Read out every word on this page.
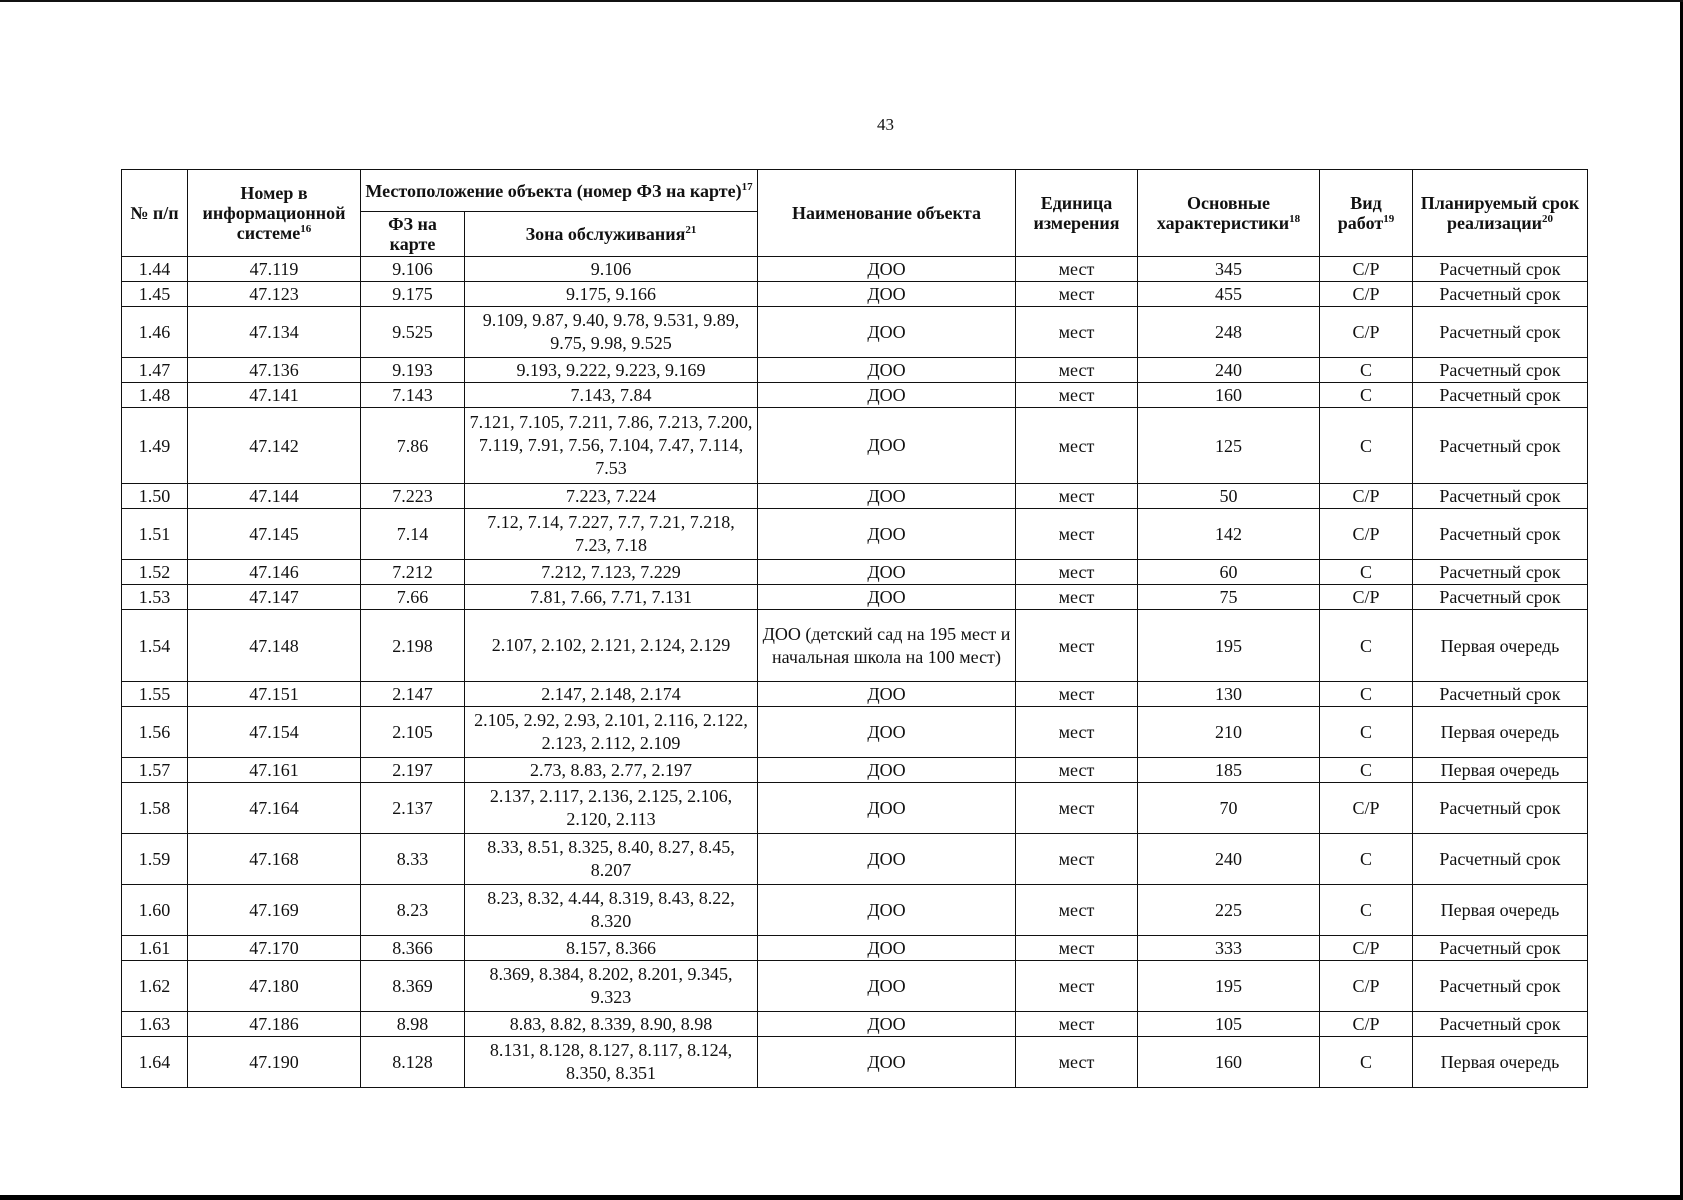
43
№ п/п	Номер в информационной системе$^{16}$	Местоположение объекта (номер ФЗ на карте)$^{17}$		Наименование объекта	Единица измерения	Основные характеристики$^{18}$	Вид работ$^{19}$	Планируемый срок реализации$^{20}$
		ФЗ на карте	Зона обслуживания$^{21}$
1.44	47.119	9.106	9.106	ДОО	мест	345	С/Р	Расчетный срок
1.45	47.123	9.175	9.175, 9.166	ДОО	мест	455	С/Р	Расчетный срок
1.46	47.134	9.525	9.109, 9.87, 9.40, 9.78, 9.531, 9.89, 9.75, 9.98, 9.525	ДОО	мест	248	С/Р	Расчетный срок
1.47	47.136	9.193	9.193, 9.222, 9.223, 9.169	ДОО	мест	240	С	Расчетный срок
1.48	47.141	7.143	7.143, 7.84	ДОО	мест	160	С	Расчетный срок
1.49	47.142	7.86	7.121, 7.105, 7.211, 7.86, 7.213, 7.200, 7.119, 7.91, 7.56, 7.104, 7.47, 7.114, 7.53	ДОО	мест	125	С	Расчетный срок
1.50	47.144	7.223	7.223, 7.224	ДОО	мест	50	С/Р	Расчетный срок
1.51	47.145	7.14	7.12, 7.14, 7.227, 7.7, 7.21, 7.218, 7.23, 7.18	ДОО	мест	142	С/Р	Расчетный срок
1.52	47.146	7.212	7.212, 7.123, 7.229	ДОО	мест	60	С	Расчетный срок
1.53	47.147	7.66	7.81, 7.66, 7.71, 7.131	ДОО	мест	75	С/Р	Расчетный срок
1.54	47.148	2.198	2.107, 2.102, 2.121, 2.124, 2.129	ДОО (детский сад на 195 мест и начальная школа на 100 мест)	мест	195	С	Первая очередь
1.55	47.151	2.147	2.147, 2.148, 2.174	ДОО	мест	130	С	Расчетный срок
1.56	47.154	2.105	2.105, 2.92, 2.93, 2.101, 2.116, 2.122, 2.123, 2.112, 2.109	ДОО	мест	210	С	Первая очередь
1.57	47.161	2.197	2.73, 8.83, 2.77, 2.197	ДОО	мест	185	С	Первая очередь
1.58	47.164	2.137	2.137, 2.117, 2.136, 2.125, 2.106, 2.120, 2.113	ДОО	мест	70	С/Р	Расчетный срок
1.59	47.168	8.33	8.33, 8.51, 8.325, 8.40, 8.27, 8.45, 8.207	ДОО	мест	240	С	Расчетный срок
1.60	47.169	8.23	8.23, 8.32, 4.44, 8.319, 8.43, 8.22, 8.320	ДОО	мест	225	С	Первая очередь
1.61	47.170	8.366	8.157, 8.366	ДОО	мест	333	С/Р	Расчетный срок
1.62	47.180	8.369	8.369, 8.384, 8.202, 8.201, 9.345, 9.323	ДОО	мест	195	С/Р	Расчетный срок
1.63	47.186	8.98	8.83, 8.82, 8.339, 8.90, 8.98	ДОО	мест	105	С/Р	Расчетный срок
1.64	47.190	8.128	8.131, 8.128, 8.127, 8.117, 8.124, 8.350, 8.351	ДОО	мест	160	С	Первая очередь
